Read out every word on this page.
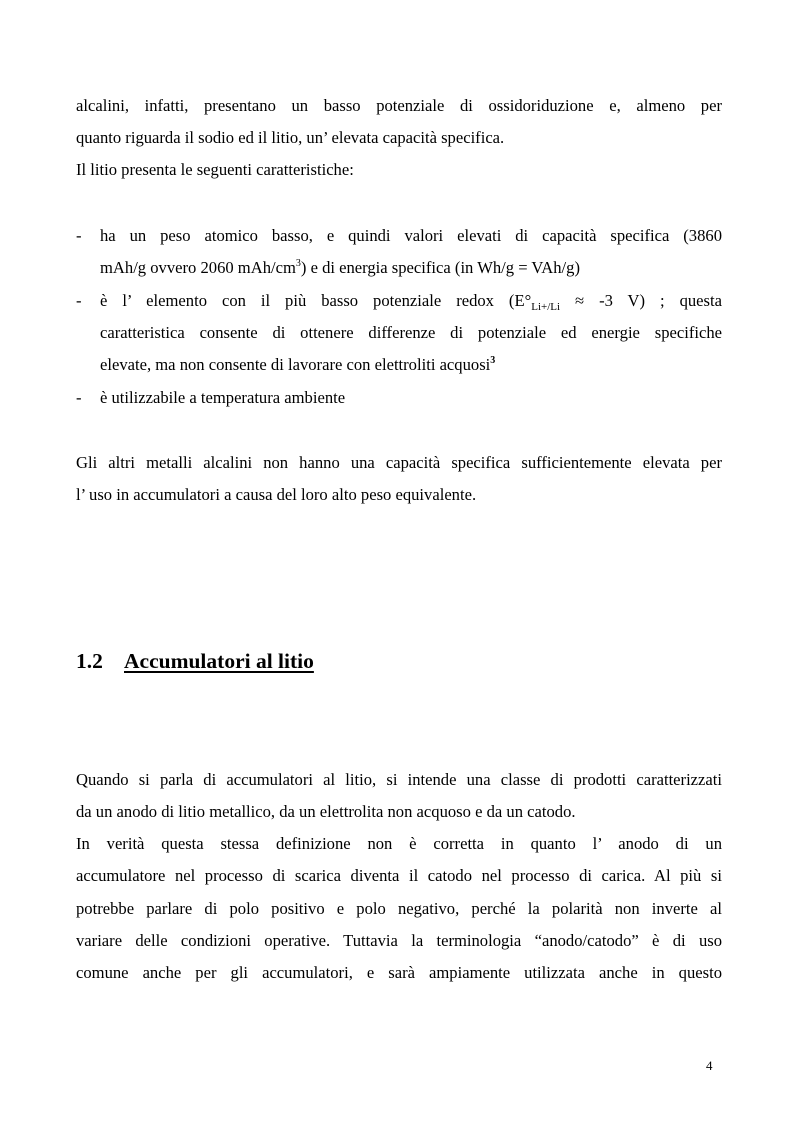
alcalini, infatti, presentano un basso potenziale di ossidoriduzione e, almeno per
quanto riguarda il sodio ed il litio, un’ elevata capacità specifica.
Il litio presenta le seguenti caratteristiche:
-	ha un peso atomico basso, e quindi valori elevati di capacità specifica (3860
mAh/g ovvero 2060 mAh/$cm^3$) e di energia specifica (in Wh/g = VAh/g)
-	è l’ elemento con il più basso potenziale redox ($E^\circ_{Li+/Li} \approx -3$ V) ; questa
caratteristica consente di ottenere differenze di potenziale ed energie specifiche
elevate, ma non consente di lavorare con elettroliti acquosi$^3$
-	è utilizzabile a temperatura ambiente
Gli altri metalli alcalini non hanno una capacità specifica sufficientemente elevata per
l’ uso in accumulatori a causa del loro alto peso equivalente.
1.2 Accumulatori al litio
Quando si parla di accumulatori al litio, si intende una classe di prodotti caratterizzati
da un anodo di litio metallico, da un elettrolita non acquoso e da un catodo.
In verità questa stessa definizione non è corretta in quanto l’ anodo di un
accumulatore nel processo di scarica diventa il catodo nel processo di carica. Al più si
potrebbe parlare di polo positivo e polo negativo, perché la polarità non inverte al
variare delle condizioni operative. Tuttavia la terminologia “anodo/catodo” è di uso
comune anche per gli accumulatori, e sarà ampiamente utilizzata anche in questo
4
